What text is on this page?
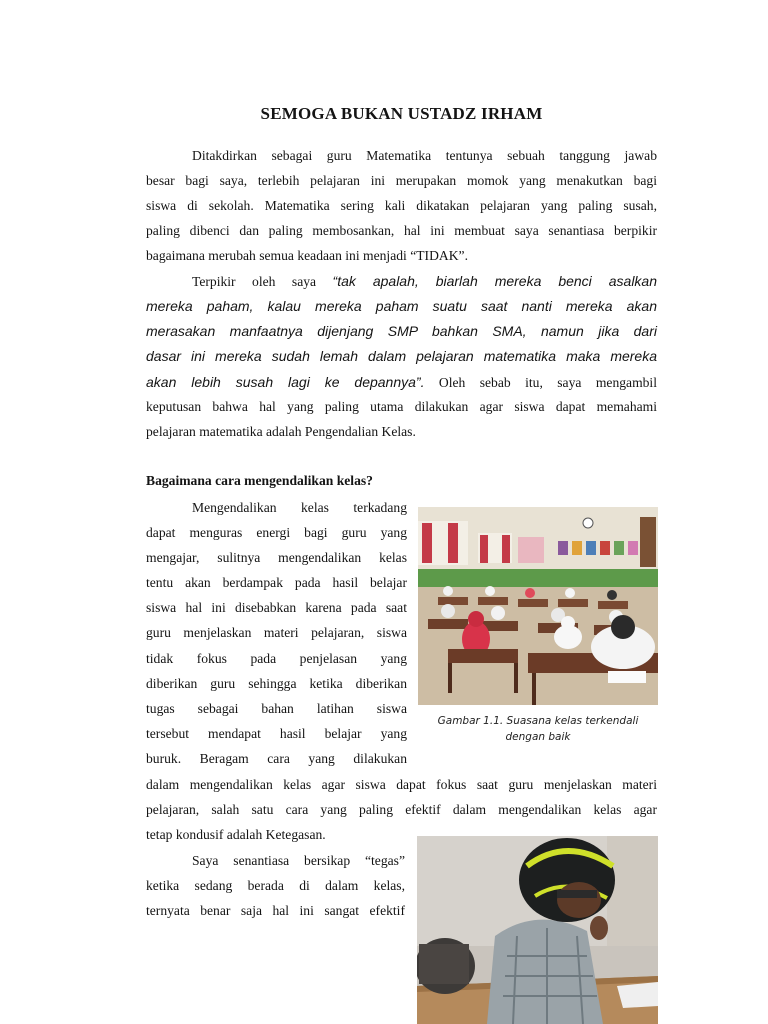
SEMOGA BUKAN USTADZ IRHAM
Ditakdirkan sebagai guru Matematika tentunya sebuah tanggung jawab
besar bagi saya, terlebih pelajaran ini merupakan momok yang menakutkan bagi
siswa di sekolah. Matematika sering kali dikatakan pelajaran yang paling susah,
paling dibenci dan paling membosankan, hal ini membuat saya senantiasa berpikir
bagaimana merubah semua keadaan ini menjadi “TIDAK”.
Terpikir oleh saya “tak apalah, biarlah mereka benci asalkan
mereka paham, kalau mereka paham suatu saat nanti mereka akan
merasakan manfaatnya dijenjang SMP bahkan SMA, namun jika dari
dasar ini mereka sudah lemah dalam pelajaran matematika maka mereka
akan lebih susah lagi ke depannya”. Oleh sebab itu, saya mengambil
keputusan bahwa hal yang paling utama dilakukan agar siswa dapat memahami
pelajaran matematika adalah Pengendalian Kelas.
Bagaimana cara mengendalikan kelas?
Mengendalikan kelas terkadang
dapat menguras energi bagi guru yang
mengajar, sulitnya mengendalikan kelas
tentu akan berdampak pada hasil belajar
siswa hal ini disebabkan karena pada saat
guru menjelaskan materi pelajaran, siswa
tidak fokus pada penjelasan yang
diberikan guru sehingga ketika diberikan
tugas sebagai bahan latihan siswa
tersebut mendapat hasil belajar yang
buruk. Beragam cara yang dilakukan
dalam mengendalikan kelas agar siswa dapat fokus saat guru menjelaskan materi
pelajaran, salah satu cara yang paling efektif dalam mengendalikan kelas agar
tetap kondusif adalah Ketegasan.
Gambar 1.1. Suasana kelas terkendali
dengan baik
Saya senantiasa bersikap “tegas”
ketika sedang berada di dalam kelas,
ternyata benar saja hal ini sangat efektif
